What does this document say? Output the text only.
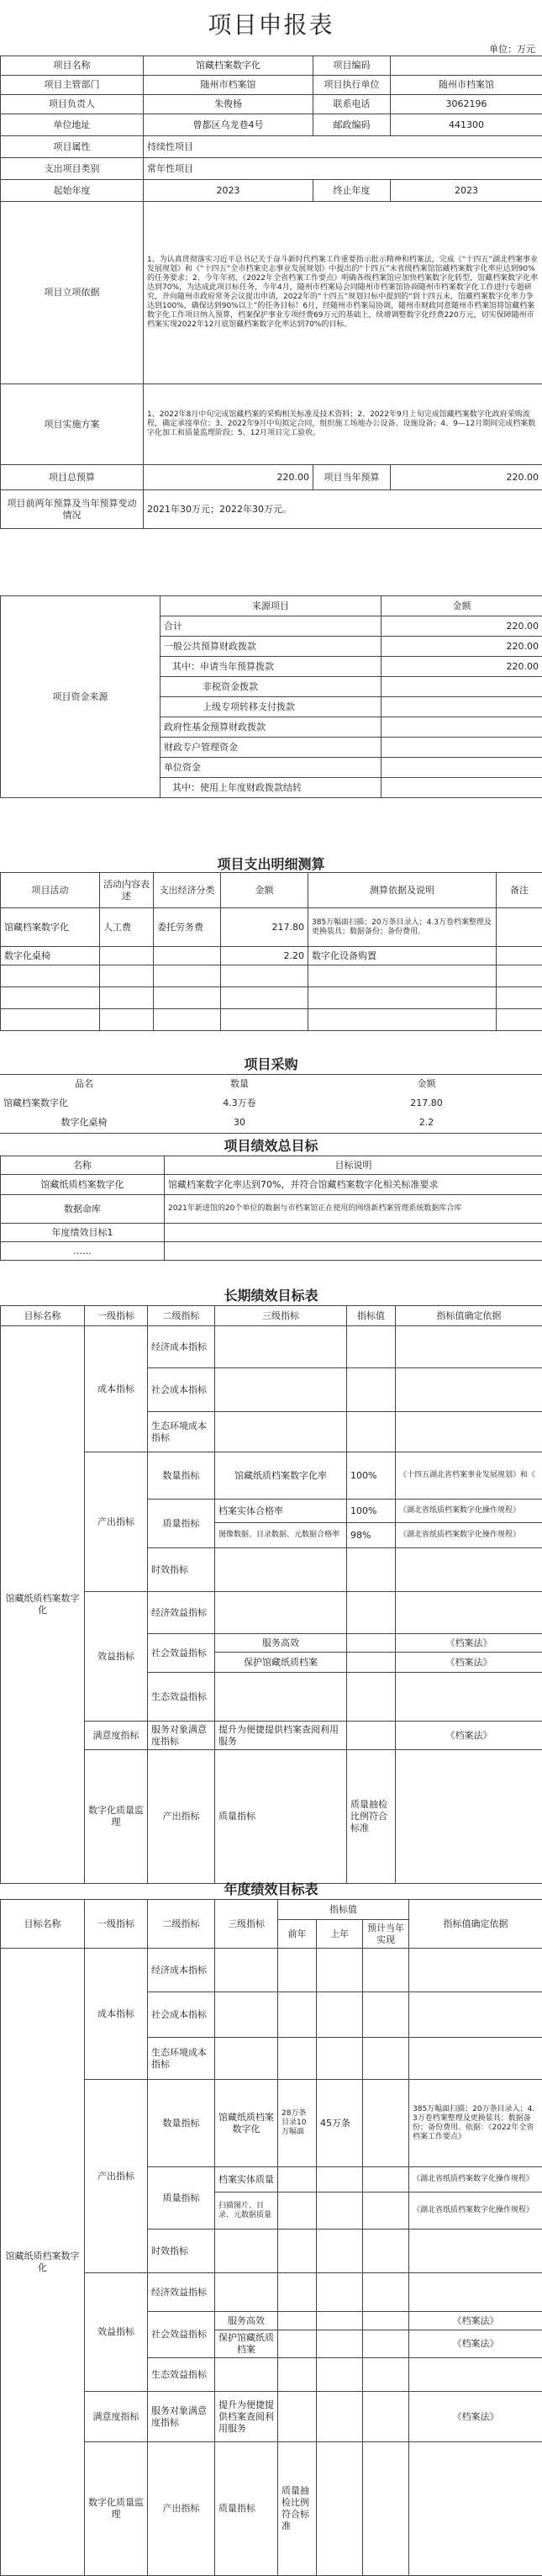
项目申报表
单位：万元
项目名称	馆藏档案数字化	项目编码	
项目主管部门	随州市档案馆	项目执行单位	随州市档案馆
项目负责人	朱俊杨	联系电话	3062196
单位地址	曾都区乌龙巷4号	邮政编码	441300
项目属性	持续性项目		
支出项目类别	常年性项目		
起始年度	2023	终止年度	2023
项目立项依据	1、为认真贯彻落实习近平总书记关于奋斗新时代档案工作重要指示批示精神和档案法，完成《“十四五”湖北档案事业发展规划》和《“十四五”全市档案史志事业发展规划》中提出的“十四五”末省级档案馆馆藏档案数字化率应达到90%的任务要求；2、今年年初，《2022年全省档案工作要点》明确各级档案馆应加快档案数字化转型，馆藏档案数字化率达到70%，为达成此项目标任务，今年4月，随州市档案局会同随州市档案馆协商随州市档案数字化工作进行专题研究，并向随州市政府常务会议提出申请，2022年的“十四五”规划目标中提到的“到十四五末，馆藏档案数字化率力争达到100%，确保达到90%以上”的任务目标！6月，经随州市档案局协调，随州市财政同意随州市档案馆将馆藏档案数字化工作项目纳入预算，档案保护事业专项经费69万元的基础上，续增调整数字化经费220万元，切实保障随州市档案实现2022年12月底馆藏档案数字化率达到70%的目标。		
项目实施方案	1、2022年8月中旬完成馆藏档案的采购相关标准及技术资料；2、2022年9月上旬完成馆藏档案数字化政府采购流程，确定承接单位；3、2022年9月中旬拟定合同，组织施工场地办公设备、设施设备；4、9—12月期间完成档案数字化加工和质量监理阶段；5、12月项目完工验收。		
项目总预算	220.00	项目当年预算	220.00
项目前两年预算及当年预算变动情况	2021年30万元；2022年30万元。		
项目资金来源	来源项目	金额
	合计	220.00
	一般公共预算财政拨款	220.00
	其中：申请当年预算拨款	220.00
	非税资金拨款	
	上级专项转移支付拨款	
	政府性基金预算财政拨款	
	财政专户管理资金	
	单位资金	
	其中：使用上年度财政拨款结转	
项目支出明细测算
项目活动	活动内容表述	支出经济分类	金额	测算依据及说明	备注
馆藏档案数字化	人工费	委托劳务费	217.80	385万幅面扫描；20万条目录入；4.3万卷档案整理及更换装具；数据备份；备份费用。	
数字化桌椅			2.20	数字化设备购置	

项目采购
品名	数量	金额
馆藏档案数字化	4.3万卷	217.80
数字化桌椅	30	2.2
项目绩效总目标
名称	目标说明
馆藏纸质档案数字化	馆藏档案数字化率达到70%，并符合馆藏档案数字化相关标准要求
数据命库	2021年新进馆的20个单位的数据与市档案馆正在使用的网络新档案管理系统数据库合库
年度绩效目标1	
……	
长期绩效目标表
目标名称	一级指标	二级指标	三级指标	指标值	指标值确定依据	
馆藏纸质档案数字化	成本指标	经济成本指标				
		社会成本指标				
		生态环境成本指标				
	产出指标	数量指标	馆藏纸质档案数字化率	100%	《十四五湖北省档案事业发展规划》和《	
		质量指标	档案实体合格率	100%	《湖北省纸质档案数字化操作规程》	
			图像数据、目录数据、元数据合格率	98%	《湖北省纸质档案数字化操作规程》	
		时效指标				
	效益指标	经济效益指标				
		社会效益指标	服务高效		《档案法》	
			保护馆藏纸质档案		《档案法》	
		生态效益指标				
	满意度指标	服务对象满意度指标	提升为便捷提供档案查阅利用服务		《档案法》	
	数字化质量监理	产出指标	质量指标	质量抽检比例符合标准		
年度绩效目标表
目标名称	一级指标	二级指标	三级指标	指标值			指标值确定依据	
				前年	上年	预计当年实现		
馆藏纸质档案数字化	成本指标	经济成本指标						
		社会成本指标						
		生态环境成本指标						
	产出指标	数量指标	馆藏纸质档案数字化	28万条目录10万幅面	45万条		385万幅面扫描；20万条目录入；4.3万卷档案整理及更换装具；数据备份；备份费用。依据：《2022年全省档案工作要点》	
		质量指标	档案实体质量				《湖北省纸质档案数字化操作规程》	
			扫描图片、目录、元数据质量				《湖北省纸质档案数字化操作规程》	
		时效指标						
	效益指标	经济效益指标						
		社会效益指标	服务高效				《档案法》	
			保护馆藏纸质档案				《档案法》	
		生态效益指标						
	满意度指标	服务对象满意度指标	提升为便捷提供档案查阅利用服务				《档案法》	
	数字化质量监理	产出指标	质量指标	质量抽检比例符合标准				
